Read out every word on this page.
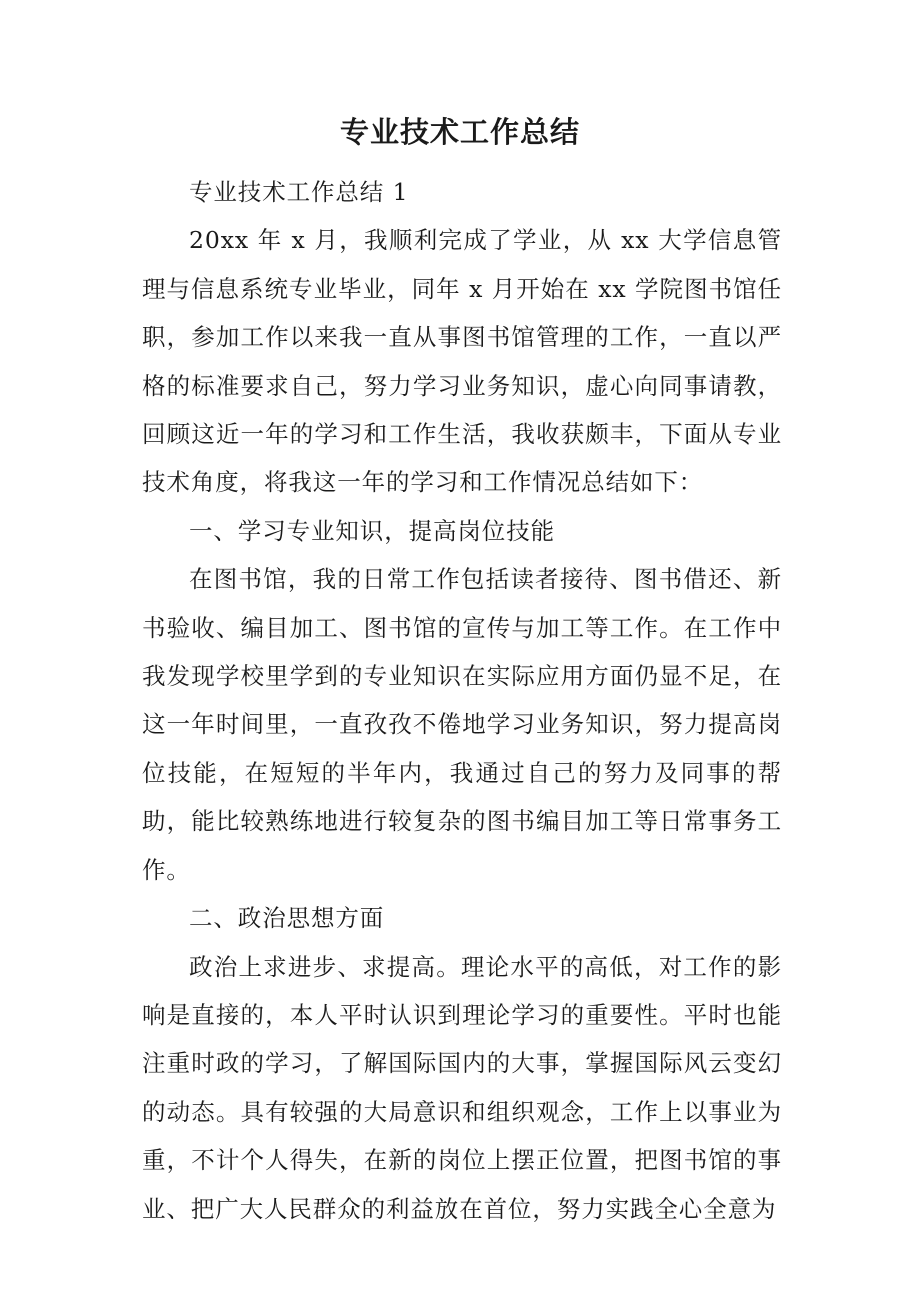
专业技术工作总结

专业技术工作总结 1

20xx 年 x 月，我顺利完成了学业，从 xx 大学信息管理与信息系统专业毕业，同年 x 月开始在 xx 学院图书馆任职，参加工作以来我一直从事图书馆管理的工作，一直以严格的标准要求自己，努力学习业务知识，虚心向同事请教，回顾这近一年的学习和工作生活，我收获颇丰，下面从专业技术角度，将我这一年的学习和工作情况总结如下：

一、学习专业知识，提高岗位技能

在图书馆，我的日常工作包括读者接待、图书借还、新书验收、编目加工、图书馆的宣传与加工等工作。在工作中我发现学校里学到的专业知识在实际应用方面仍显不足，在这一年时间里，一直孜孜不倦地学习业务知识，努力提高岗位技能，在短短的半年内，我通过自己的努力及同事的帮助，能比较熟练地进行较复杂的图书编目加工等日常事务工作。

二、政治思想方面

政治上求进步、求提高。理论水平的高低，对工作的影响是直接的，本人平时认识到理论学习的重要性。平时也能注重时政的学习，了解国际国内的大事，掌握国际风云变幻的动态。具有较强的大局意识和组织观念，工作上以事业为重，不计个人得失，在新的岗位上摆正位置，把图书馆的事业、把广大人民群众的利益放在首位，努力实践全心全意为
